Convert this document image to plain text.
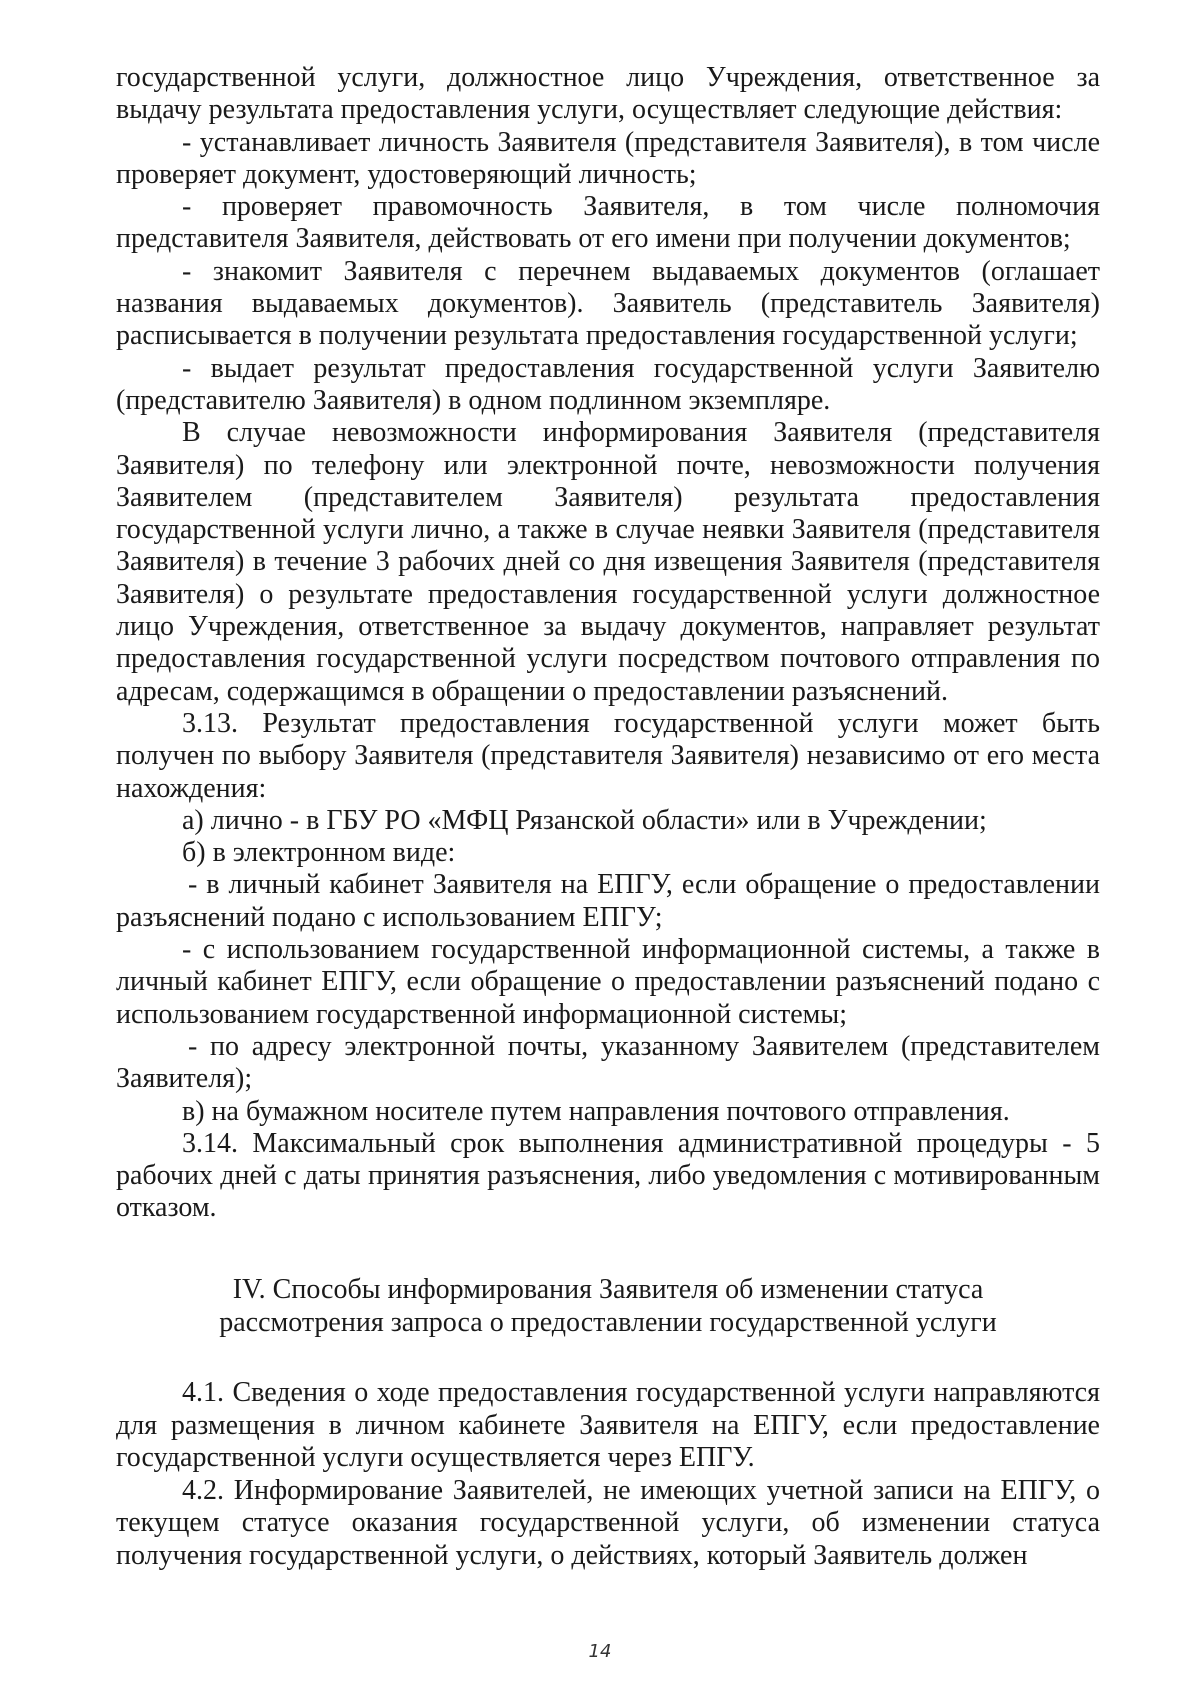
государственной услуги, должностное лицо Учреждения, ответственное за выдачу результата предоставления услуги, осуществляет следующие действия:

- устанавливает личность Заявителя (представителя Заявителя), в том числе проверяет документ, удостоверяющий личность;

- проверяет правомочность Заявителя, в том числе полномочия представителя Заявителя, действовать от его имени при получении документов;

- знакомит Заявителя с перечнем выдаваемых документов (оглашает названия выдаваемых документов). Заявитель (представитель Заявителя) расписывается в получении результата предоставления государственной услуги;

- выдает результат предоставления государственной услуги Заявителю (представителю Заявителя) в одном подлинном экземпляре.

В случае невозможности информирования Заявителя (представителя Заявителя) по телефону или электронной почте, невозможности получения Заявителем (представителем Заявителя) результата предоставления государственной услуги лично, а также в случае неявки Заявителя (представителя Заявителя) в течение 3 рабочих дней со дня извещения Заявителя (представителя Заявителя) о результате предоставления государственной услуги должностное лицо Учреждения, ответственное за выдачу документов, направляет результат предоставления государственной услуги посредством почтового отправления по адресам, содержащимся в обращении о предоставлении разъяснений.

3.13. Результат предоставления государственной услуги может быть получен по выбору Заявителя (представителя Заявителя) независимо от его места нахождения:

а) лично - в ГБУ РО «МФЦ Рязанской области» или в Учреждении;

б) в электронном виде:

- в личный кабинет Заявителя на ЕПГУ, если обращение о предоставлении разъяснений подано с использованием ЕПГУ;

- с использованием государственной информационной системы, а также в личный кабинет ЕПГУ, если обращение о предоставлении разъяснений подано с использованием государственной информационной системы;

- по адресу электронной почты, указанному Заявителем (представителем Заявителя);

в) на бумажном носителе путем направления почтового отправления.

3.14. Максимальный срок выполнения административной процедуры - 5 рабочих дней с даты принятия разъяснения, либо уведомления с мотивированным отказом.

IV. Способы информирования Заявителя об изменении статуса
рассмотрения запроса о предоставлении государственной услуги

4.1. Сведения о ходе предоставления государственной услуги направляются для размещения в личном кабинете Заявителя на ЕПГУ, если предоставление государственной услуги осуществляется через ЕПГУ.

4.2. Информирование Заявителей, не имеющих учетной записи на ЕПГУ, о текущем статусе оказания государственной услуги, об изменении статуса получения государственной услуги, о действиях, который Заявитель должен

14
